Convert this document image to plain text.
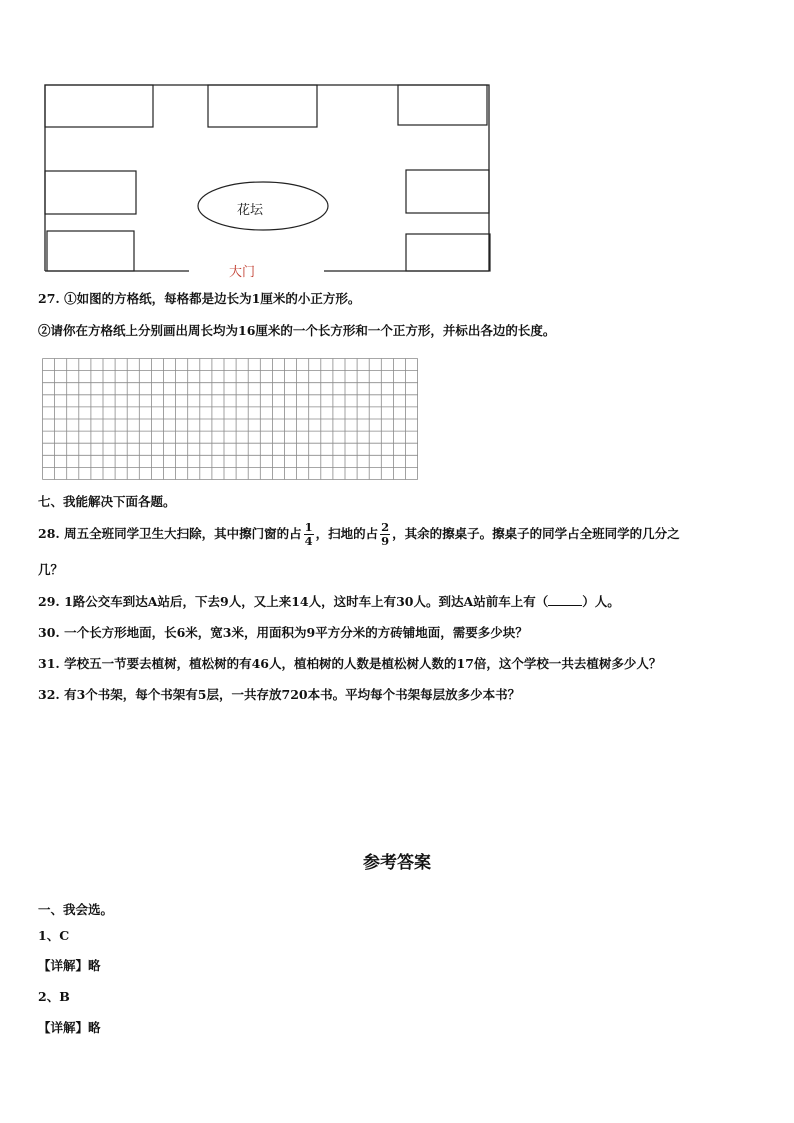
花坛
大门
27. ①如图的方格纸，每格都是边长为1厘米的小正方形。
②请你在方格纸上分别画出周长均为16厘米的一个长方形和一个正方形，并标出各边的长度。
七、我能解决下面各题。
28. 周五全班同学卫生大扫除，其中擦门窗的占 $\frac{1}{4}$ ，扫地的占 $\frac{2}{9}$ ，其余的擦桌子。擦桌子的同学占全班同学的几分之
几？
29. 1路公交车到达A站后，下去9人，又上来14人，这时车上有30人。到达A站前车上有（	）人。
30. 一个长方形地面，长6米，宽3米，用面积为9平方分米的方砖铺地面，需要多少块？
31. 学校五一节要去植树，植松树的有46人，植柏树的人数是植松树人数的17倍，这个学校一共去植树多少人？
32. 有3个书架，每个书架有5层，一共存放720本书。平均每个书架每层放多少本书？
参考答案
一、我会选。
1、C
【详解】略
2、B
【详解】略
